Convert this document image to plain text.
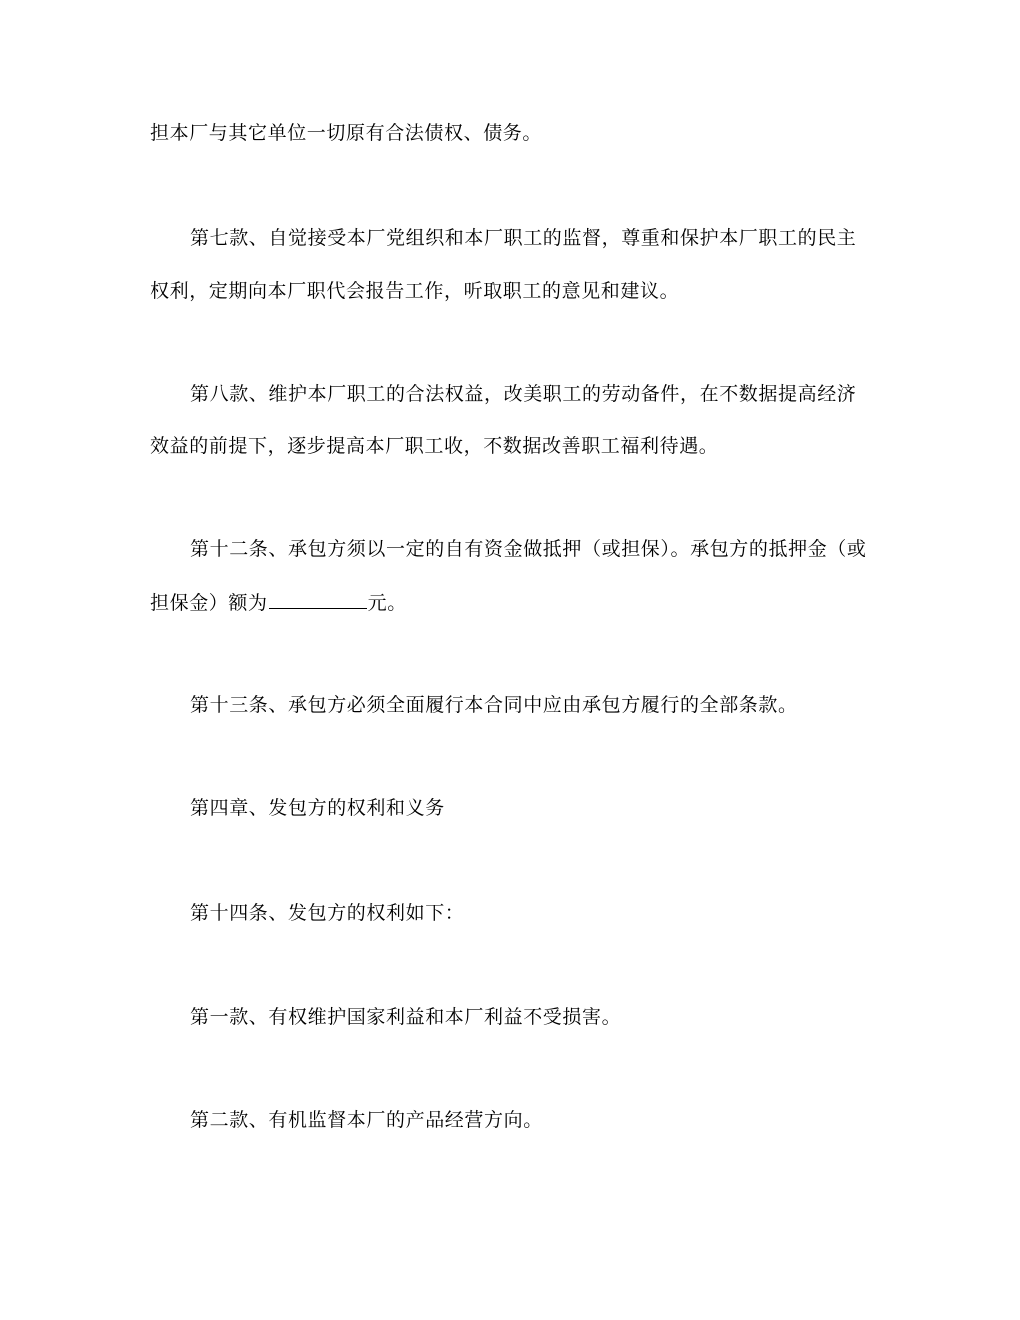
担本厂与其它单位一切原有合法债权、债务。
第七款、自觉接受本厂党组织和本厂职工的监督，尊重和保护本厂职工的民主
权利，定期向本厂职代会报告工作，听取职工的意见和建议。
第八款、维护本厂职工的合法权益，改美职工的劳动备件，在不数据提高经济
效益的前提下，逐步提高本厂职工收，不数据改善职工福利待遇。
第十二条、承包方须以一定的自有资金做抵押（或担保）。承包方的抵押金（或
担保金）额为	元。
第十三条、承包方必须全面履行本合同中应由承包方履行的全部条款。
第四章、发包方的权利和义务
第十四条、发包方的权利如下：
第一款、有权维护国家利益和本厂利益不受损害。
第二款、有机监督本厂的产品经营方向。
